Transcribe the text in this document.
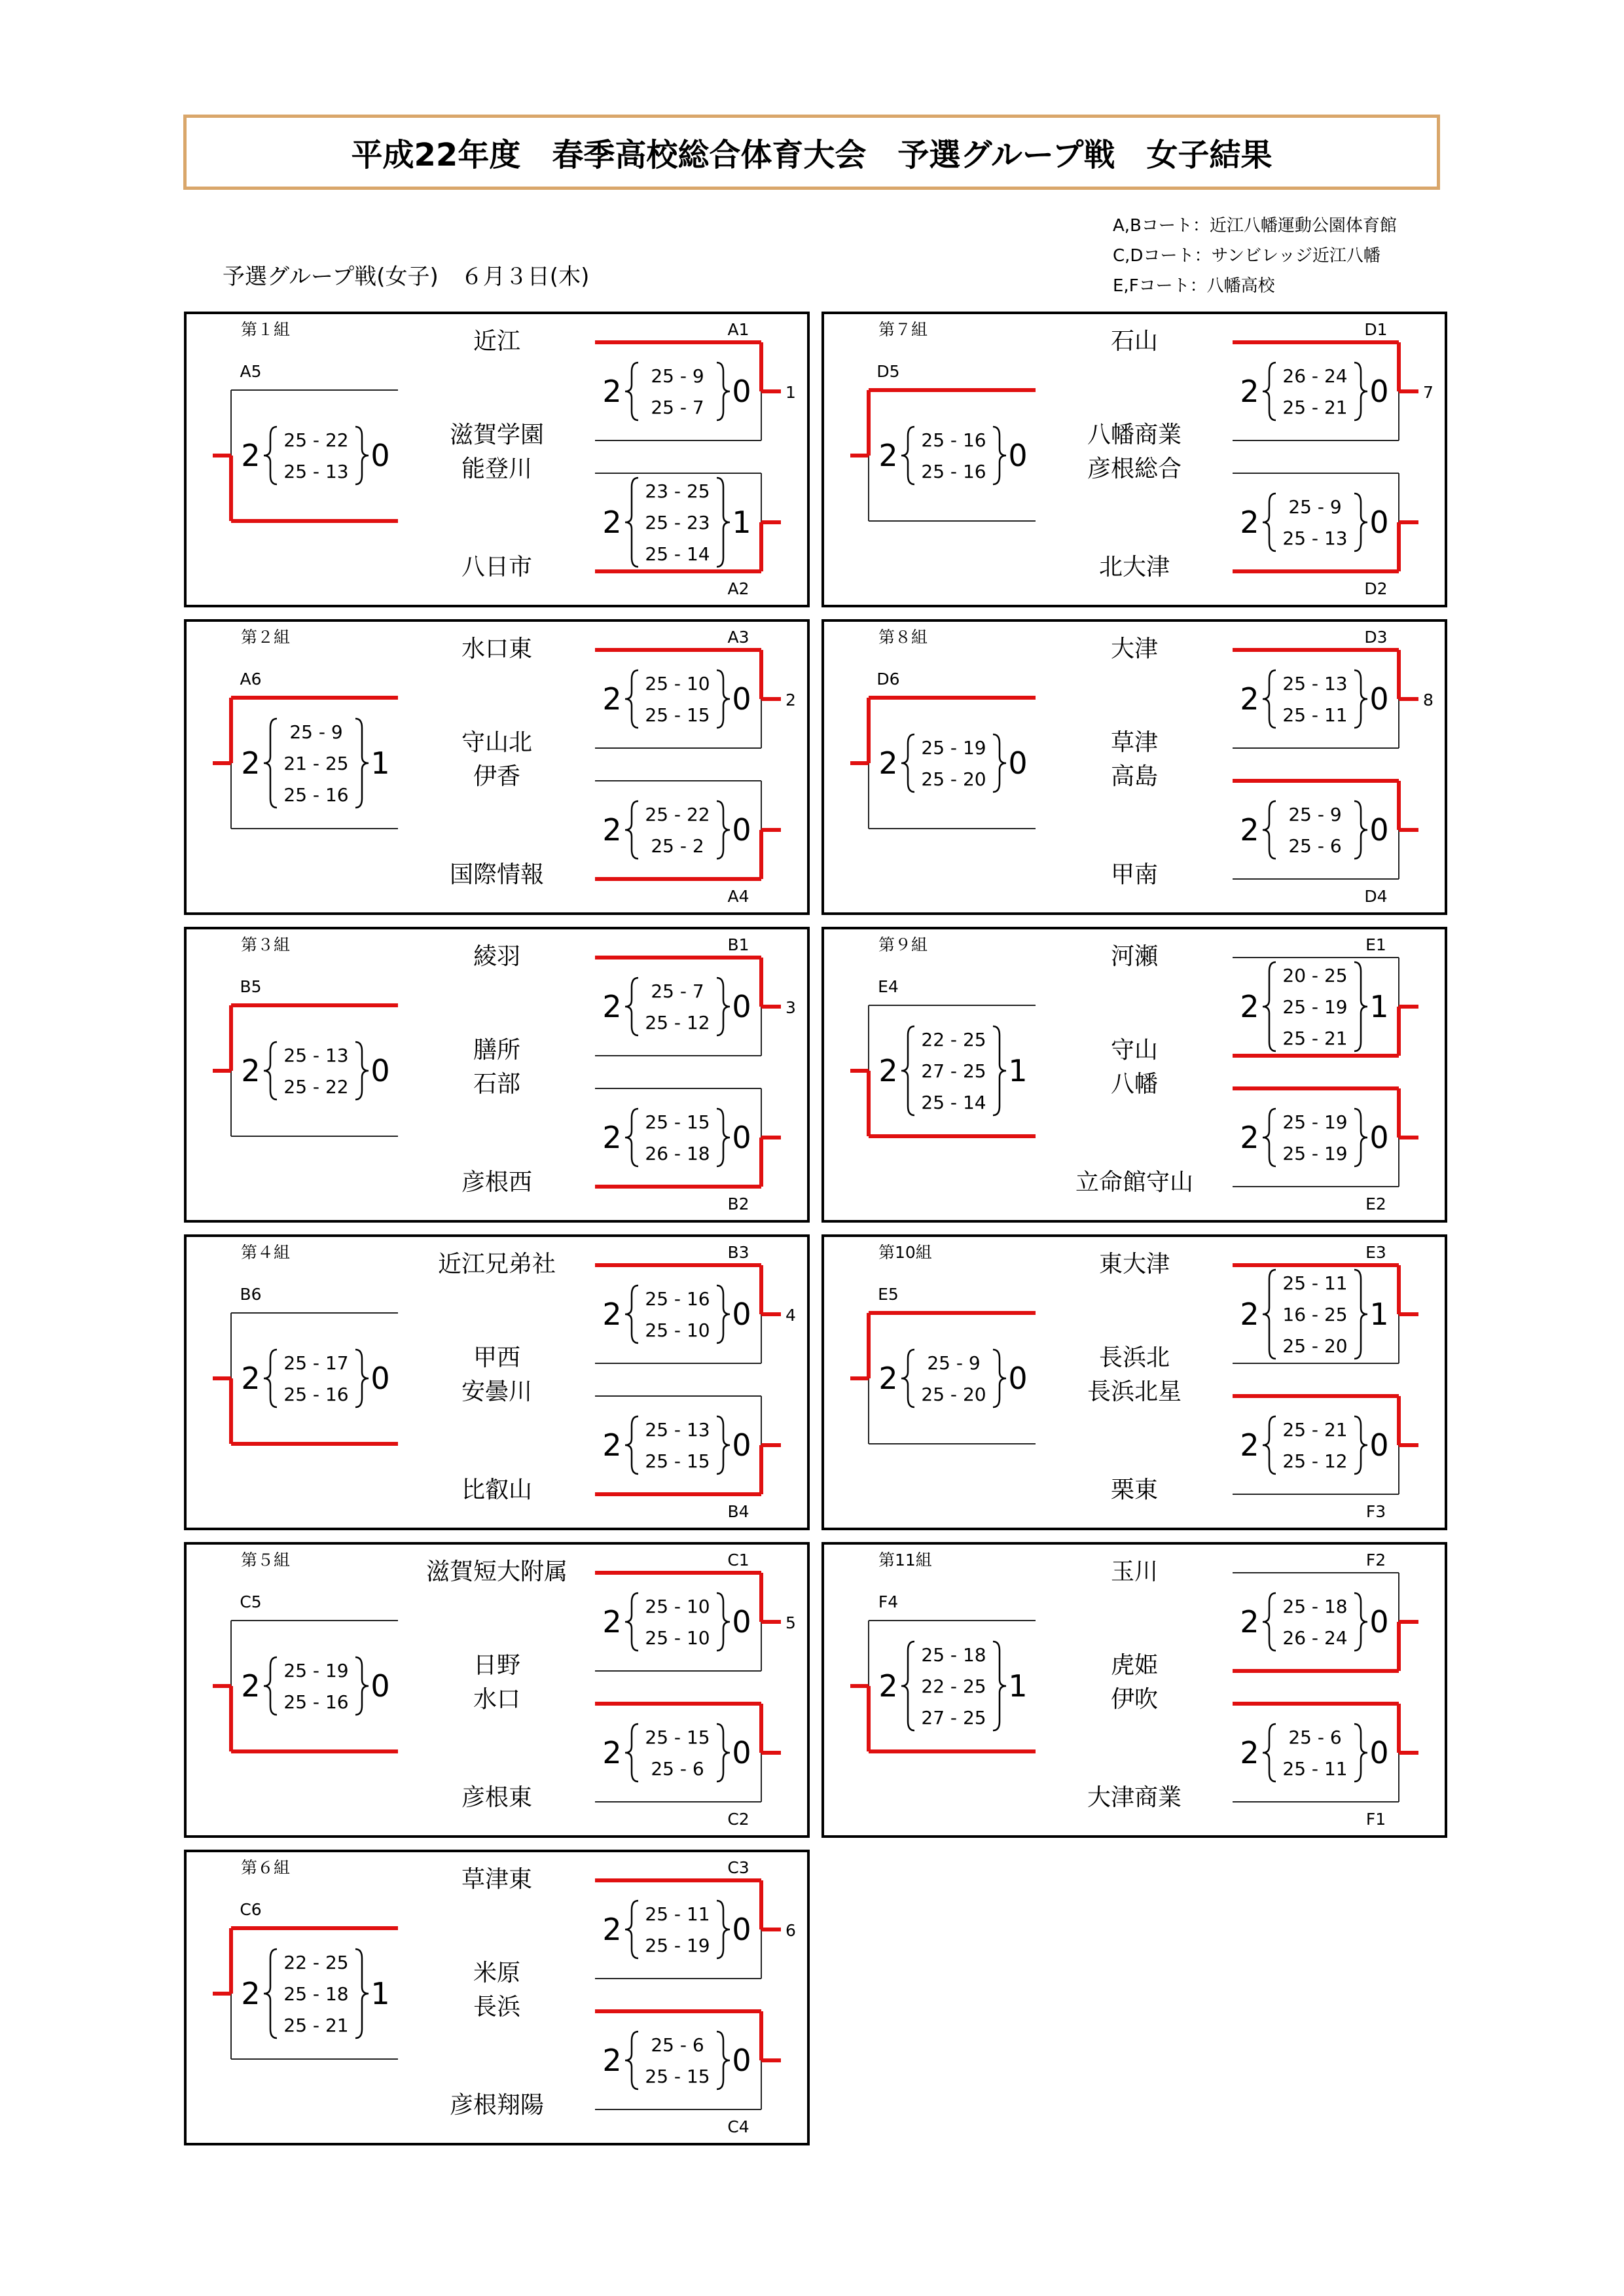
平成22年度　春季高校総合体育大会　予選グループ戦　女子結果
A,Bコート：近江八幡運動公園体育館
C,Dコート：サンビレッジ近江八幡
E,Fコート：八幡高校
予選グループ戦(女子)　６月３日(木)
第１組	近江
滋賀学園
能登川
八日市
A1
A2
A5	25 - 9
25 - 7
2	0 1
23 - 25
25 - 23
25 - 14
2	1
25 - 22
25 - 13
2	0
第２組	水口東
守山北
伊香
国際情報
A3
A4
A6	25 - 10
25 - 15
2	0 2
25 - 22
25 - 2
2	0
25 - 9
21 - 25
25 - 16
2	1
第３組	綾羽
膳所
石部
彦根西
B1
B2
B5	25 - 7
25 - 12
2	0 3
25 - 15
26 - 18
2	0
25 - 13
25 - 22
2	0
第４組	近江兄弟社
甲西
安曇川
比叡山
B3
B4
B6	25 - 16
25 - 10
2	0 4
25 - 13
25 - 15
2	0
25 - 17
25 - 16
2	0
第５組	滋賀短大附属
日野
水口
彦根東
C1
C2
C5	25 - 10
25 - 10
2	0 5
25 - 15
25 - 6
2	0
25 - 19
25 - 16
2	0
第６組	草津東
米原
長浜
彦根翔陽
C3
C4
C6	25 - 11
25 - 19
2	0 6
25 - 6
25 - 15
2	0
22 - 25
25 - 18
25 - 21
2	1
第７組	石山
八幡商業
彦根総合
北大津
D1
D2
D5	26 - 24
25 - 21
2	0 7
25 - 9
25 - 13
2	0
25 - 16
25 - 16
2	0
第８組	大津
草津
高島
甲南
D3
D4
D6	25 - 13
25 - 11
2	0 8
25 - 9
25 - 6
2	0
25 - 19
25 - 20
2	0
第９組	河瀬
守山
八幡
立命館守山
E1
E2
E4
20 - 25
25 - 19
25 - 21
2	1
25 - 19
25 - 19
2	0
22 - 25
27 - 25
25 - 14
2	1
第10組	東大津
長浜北
長浜北星
栗東
E3
F3
E5
25 - 11
16 - 25
25 - 20
2	1
25 - 21
25 - 12
2	0
25 - 9
25 - 20
2	0
第11組	玉川
虎姫
伊吹
大津商業
F2
F1
F4	25 - 18
26 - 24
2	0
25 - 6
25 - 11
2	0
25 - 18
22 - 25
27 - 25
2	1
